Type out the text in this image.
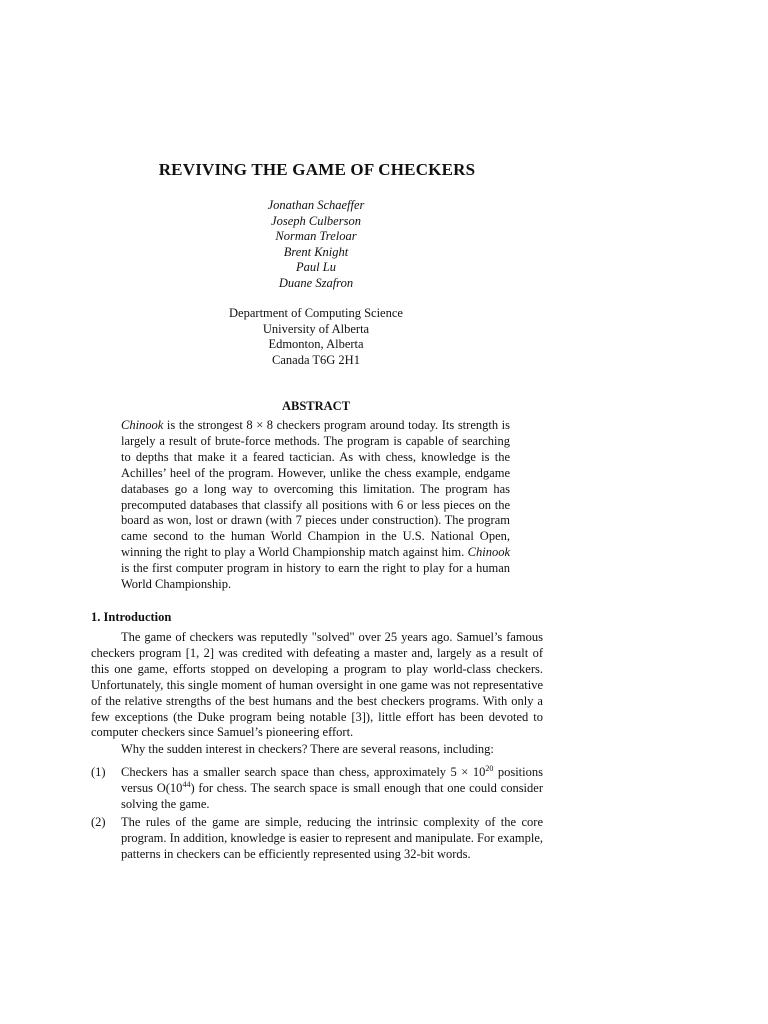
REVIVING THE GAME OF CHECKERS
Jonathan Schaeffer
Joseph Culberson
Norman Treloar
Brent Knight
Paul Lu
Duane Szafron
Department of Computing Science
University of Alberta
Edmonton, Alberta
Canada T6G 2H1
ABSTRACT
Chinook is the strongest 8 × 8 checkers program around today. Its strength is largely a result of brute-force methods. The program is capable of searching to depths that make it a feared tactician. As with chess, knowledge is the Achilles’ heel of the program. However, unlike the chess example, endgame databases go a long way to overcoming this limitation. The program has precomputed databases that classify all positions with 6 or less pieces on the board as won, lost or drawn (with 7 pieces under construction). The program came second to the human World Champion in the U.S. National Open, winning the right to play a World Championship match against him. Chinook is the first computer program in history to earn the right to play for a human World Championship.
1. Introduction
The game of checkers was reputedly "solved" over 25 years ago. Samuel’s famous checkers program [1, 2] was credited with defeating a master and, largely as a result of this one game, efforts stopped on developing a program to play world-class checkers. Unfortunately, this single moment of human oversight in one game was not representative of the relative strengths of the best humans and the best checkers programs. With only a few exceptions (the Duke program being notable [3]), little effort has been devoted to computer checkers since Samuel’s pioneering effort.
Why the sudden interest in checkers? There are several reasons, including:
(1) Checkers has a smaller search space than chess, approximately $5 \times 10^{20}$ positions versus $O(10^{44})$ for chess. The search space is small enough that one could consider solving the game.
(2) The rules of the game are simple, reducing the intrinsic complexity of the core program. In addition, knowledge is easier to represent and manipulate. For example, patterns in checkers can be efficiently represented using 32-bit words.
